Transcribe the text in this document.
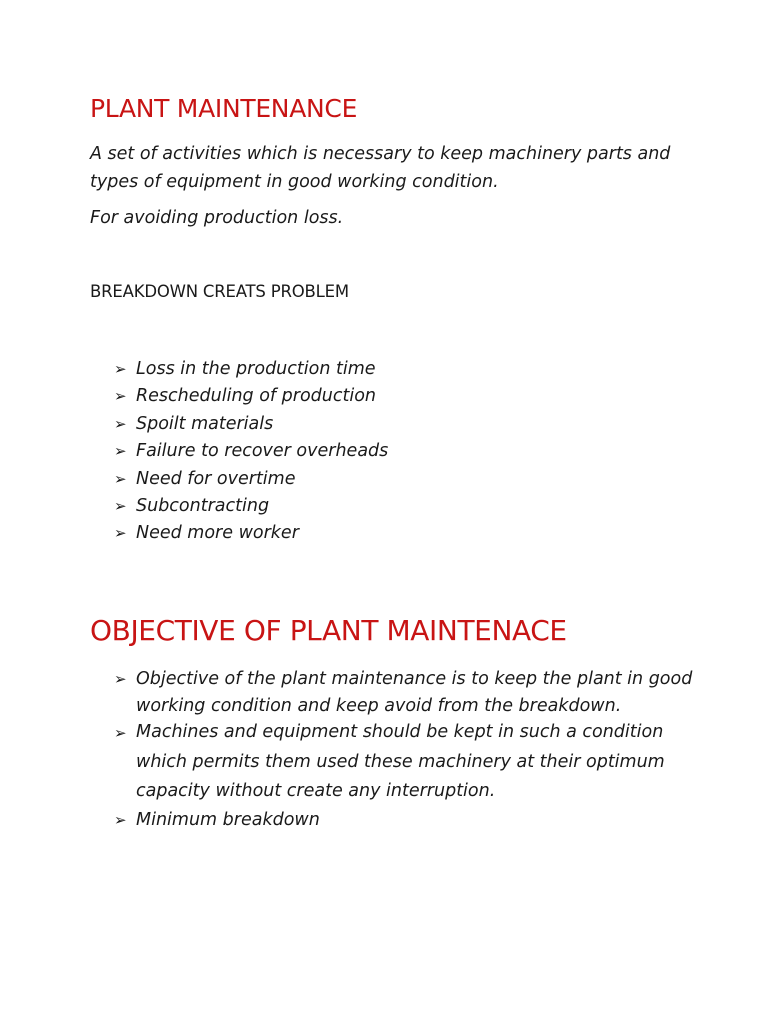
PLANT MAINTENANCE
A set of activities which is necessary to keep machinery parts and types of equipment in good working condition.
For avoiding production loss.
BREAKDOWN CREATS PROBLEM
➢ Loss in the production time
➢ Rescheduling of production
➢ Spoilt materials
➢ Failure to recover overheads
➢ Need for overtime
➢ Subcontracting
➢ Need more worker
OBJECTIVE OF PLANT MAINTENACE
➢ Objective of the plant maintenance is to keep the plant in good working condition and keep avoid from the breakdown.
➢ Machines and equipment should be kept in such a condition which permits them used these machinery at their optimum capacity without create any interruption.
➢ Minimum breakdown
